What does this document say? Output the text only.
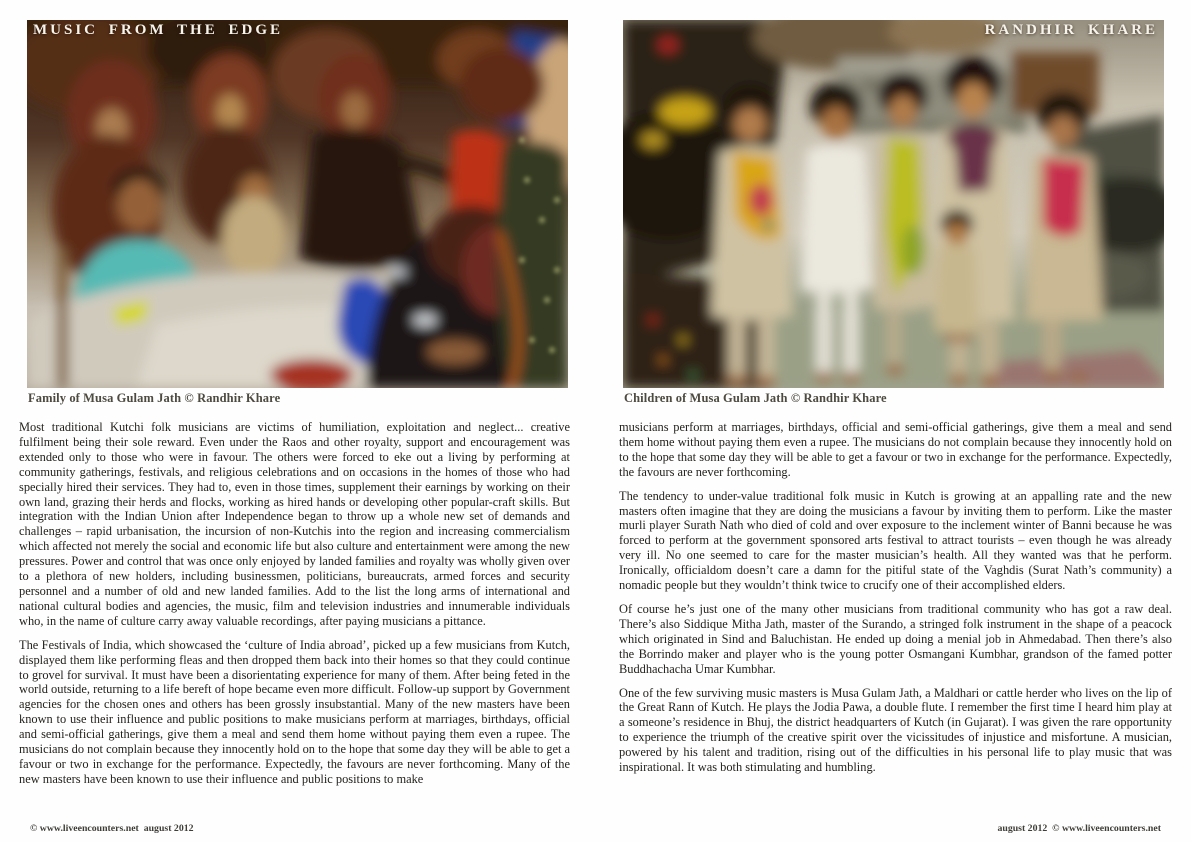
MUSIC FROM THE EDGE	RANDHIR KHARE
Family of Musa Gulam Jath © Randhir Khare	Children of Musa Gulam Jath © Randhir Khare

Most traditional Kutchi folk musicians are victims of humiliation, exploitation and neglect... creative fulfilment being their sole reward. Even under the Raos and other royalty, support and encouragement was extended only to those who were in favour. The others were forced to eke out a living by performing at community gatherings, festivals, and religious celebrations and on occasions in the homes of those who had specially hired their services. They had to, even in those times, supplement their earnings by working on their own land, grazing their herds and flocks, working as hired hands or developing other popular-craft skills. But integration with the Indian Union after Independence began to throw up a whole new set of demands and challenges – rapid urbanisation, the incursion of non-Kutchis into the region and increasing commercialism which affected not merely the social and economic life but also culture and entertainment were among the new pressures. Power and control that was once only enjoyed by landed families and royalty was wholly given over to a plethora of new holders, including businessmen, politicians, bureaucrats, armed forces and security personnel and a number of old and new landed families. Add to the list the long arms of international and national cultural bodies and agencies, the music, film and television industries and innumerable individuals who, in the name of culture carry away valuable recordings, after paying musicians a pittance.

The Festivals of India, which showcased the ‘culture of India abroad’, picked up a few musicians from Kutch, displayed them like performing fleas and then dropped them back into their homes so that they could continue to grovel for survival. It must have been a disorientating experience for many of them. After being feted in the world outside, returning to a life bereft of hope became even more difficult. Follow-up support by Government agencies for the chosen ones and others has been grossly insubstantial. Many of the new masters have been known to use their influence and public positions to make musicians perform at marriages, birthdays, official and semi-official gatherings, give them a meal and send them home without paying them even a rupee. The musicians do not complain because they innocently hold on to the hope that some day they will be able to get a favour or two in exchange for the performance. Expectedly, the favours are never forthcoming. Many of the new masters have been known to use their influence and public positions to make

musicians perform at marriages, birthdays, official and semi-official gatherings, give them a meal and send them home without paying them even a rupee. The musicians do not complain because they innocently hold on to the hope that some day they will be able to get a favour or two in exchange for the performance. Expectedly, the favours are never forthcoming.

The tendency to under-value traditional folk music in Kutch is growing at an appalling rate and the new masters often imagine that they are doing the musicians a favour by inviting them to perform. Like the master murli player Surath Nath who died of cold and over exposure to the inclement winter of Banni because he was forced to perform at the government sponsored arts festival to attract tourists – even though he was already very ill. No one seemed to care for the master musician’s health. All they wanted was that he perform. Ironically, officialdom doesn’t care a damn for the pitiful state of the Vaghdis (Surat Nath’s community) a nomadic people but they wouldn’t think twice to crucify one of their accomplished elders.

Of course he’s just one of the many other musicians from traditional community who has got a raw deal. There’s also Siddique Mitha Jath, master of the Surando, a stringed folk instrument in the shape of a peacock which originated in Sind and Baluchistan. He ended up doing a menial job in Ahmedabad. Then there’s also the Borrindo maker and player who is the young potter Osmangani Kumbhar, grandson of the famed potter Buddhachacha Umar Kumbhar.

One of the few surviving music masters is Musa Gulam Jath, a Maldhari or cattle herder who lives on the lip of the Great Rann of Kutch. He plays the Jodia Pawa, a double flute. I remember the first time I heard him play at a someone’s residence in Bhuj, the district headquarters of Kutch (in Gujarat). I was given the rare opportunity to experience the triumph of the creative spirit over the vicissitudes of injustice and misfortune. A musician, powered by his talent and tradition, rising out of the difficulties in his personal life to play music that was inspirational. It was both stimulating and humbling.

© www.liveencounters.net  august 2012	august 2012  © www.liveencounters.net
